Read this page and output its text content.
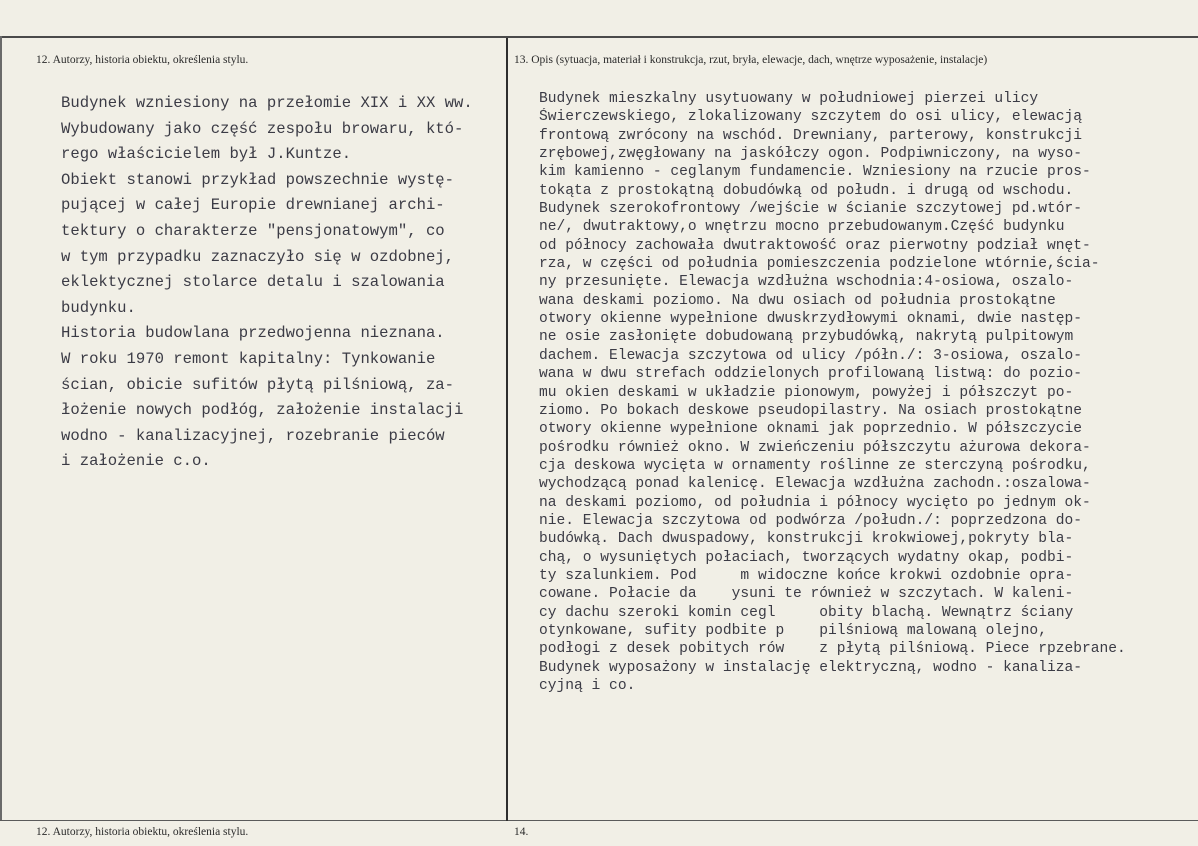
12. Autorzy, historia obiektu, określenia stylu.	13. Opis (sytuacja, materiał i konstrukcja, rzut, bryła, elewacje, dach, wnętrze wyposażenie, instalacje)
Budynek wzniesiony na przełomie XIX i XX ww.
Wybudowany jako część zespołu browaru, któ-
rego właścicielem był J.Kuntze.
Obiekt stanowi przykład powszechnie wystę-
pującej w całej Europie drewnianej archi-
tektury o charakterze "pensjonatowym", co
w tym przypadku zaznaczyło się w ozdobnej,
eklektycznej stolarce detalu i szalowania
budynku.
Historia budowlana przedwojenna nieznana.
W roku 1970 remont kapitalny: Tynkowanie
ścian, obicie sufitów płytą pilśniową, za-
łożenie nowych podłóg, założenie instalacji
wodno - kanalizacyjnej, rozebranie pieców
i założenie c.o.
Budynek mieszkalny usytuowany w południowej pierzei ulicy
Świerczewskiego, zlokalizowany szczytem do osi ulicy, elewacją
frontową zwrócony na wschód. Drewniany, parterowy, konstrukcji
zrębowej,zwęgłowany na jaskółczy ogon. Podpiwniczony, na wyso-
kim kamienno - ceglanym fundamencie. Wzniesiony na rzucie pros-
tokąta z prostokątną dobudówką od połudn. i drugą od wschodu.
Budynek szerokofrontowy /wejście w ścianie szczytowej pd.wtór-
ne/, dwutraktowy,o wnętrzu mocno przebudowanym.Część budynku
od północy zachowała dwutraktowość oraz pierwotny podział wnęt-
rza, w części od południa pomieszczenia podzielone wtórnie,ścia-
ny przesunięte. Elewacja wzdłużna wschodnia:4-osiowa, oszalo-
wana deskami poziomo. Na dwu osiach od południa prostokątne
otwory okienne wypełnione dwuskrzydłowymi oknami, dwie następ-
ne osie zasłonięte dobudowaną przybudówką, nakrytą pulpitowym
dachem. Elewacja szczytowa od ulicy /półn./: 3-osiowa, oszalo-
wana w dwu strefach oddzielonych profilowaną listwą: do pozio-
mu okien deskami w układzie pionowym, powyżej i półszczyt po-
ziomo. Po bokach deskowe pseudopilastry. Na osiach prostokątne
otwory okienne wypełnione oknami jak poprzednio. W półszczycie
pośrodku również okno. W zwieńczeniu półszczytu ażurowa dekora-
cja deskowa wycięta w ornamenty roślinne ze sterczyną pośrodku,
wychodzącą ponad kalenicę. Elewacja wzdłużna zachodn.:oszalowa-
na deskami poziomo, od południa i północy wycięto po jednym ok-
nie. Elewacja szczytowa od podwórza /połudn./: poprzedzona do-
budówką. Dach dwuspadowy, konstrukcji krokwiowej,pokryty bla-
chą, o wysuniętych połaciach, tworzących wydatny okap, podbi-
ty szalunkiem. Pod     m widoczne końce krokwi ozdobnie opra-
cowane. Połacie da    ysuni te również w szczytach. W kaleni-
cy dachu szeroki komin cegl     obity blachą. Wewnątrz ściany
otynkowane, sufity podbite p    pilśniową malowaną olejno,
podłogi z desek pobitych rów    z płytą pilśniową. Piece rpzebrane.
Budynek wyposażony w instalację elektryczną, wodno - kanaliza-
cyjną i co.
12. Autorzy, historia obiektu, określenia stylu.	14.
